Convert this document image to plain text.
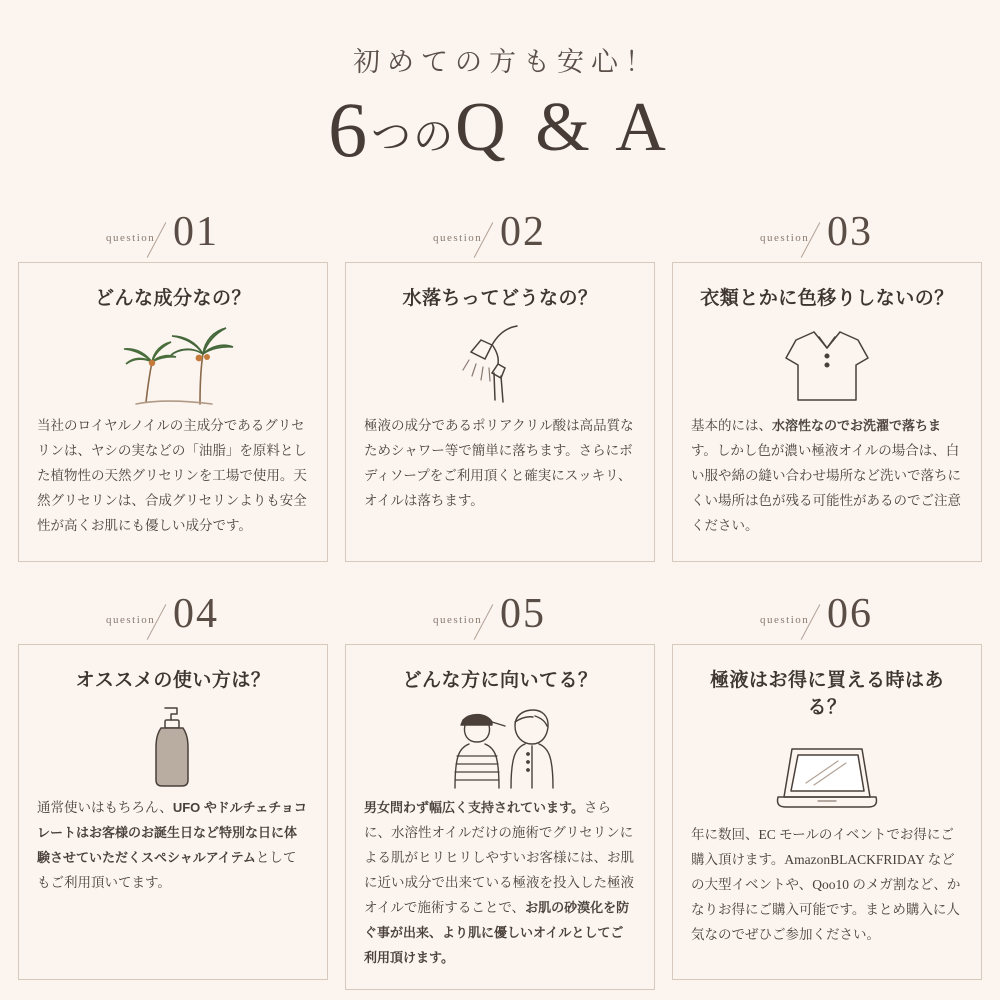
初めての方も安心！
6つのQ & A
question 01
どんな成分なの？
当社のロイヤルノイルの主成分であるグリセリンは、ヤシの実などの「油脂」を原料とした植物性の天然グリセリンを工場で使用。天然グリセリンは、合成グリセリンよりも安全性が高くお肌にも優しい成分です。
question 02
水落ちってどうなの？
極液の成分であるポリアクリル酸は高品質なためシャワー等で簡単に落ちます。さらにボディソープをご利用頂くと確実にスッキリ、オイルは落ちます。
question 03
衣類とかに色移りしないの？
基本的には、水溶性なのでお洗濯で落ちます。しかし色が濃い極液オイルの場合は、白い服や綿の縫い合わせ場所など洗いで落ちにくい場所は色が残る可能性があるのでご注意ください。
question 04
オススメの使い方は？
通常使いはもちろん、UFO やドルチェチョコレートはお客様のお誕生日など特別な日に体験させていただくスペシャルアイテムとしてもご利用頂いてます。
question 05
どんな方に向いてる？
男女問わず幅広く支持されています。さらに、水溶性オイルだけの施術でグリセリンによる肌がヒリヒリしやすいお客様には、お肌に近い成分で出来ている極液を投入した極液オイルで施術することで、お肌の砂漠化を防ぐ事が出来、より肌に優しいオイルとしてご利用頂けます。
question 06
極液はお得に買える時はある？
年に数回、EC モールのイベントでお得にご購入頂けます。AmazonBLACKFRIDAY などの大型イベントや、Qoo10 のメガ割など、かなりお得にご購入可能です。まとめ購入に人気なのでぜひご参加ください。
